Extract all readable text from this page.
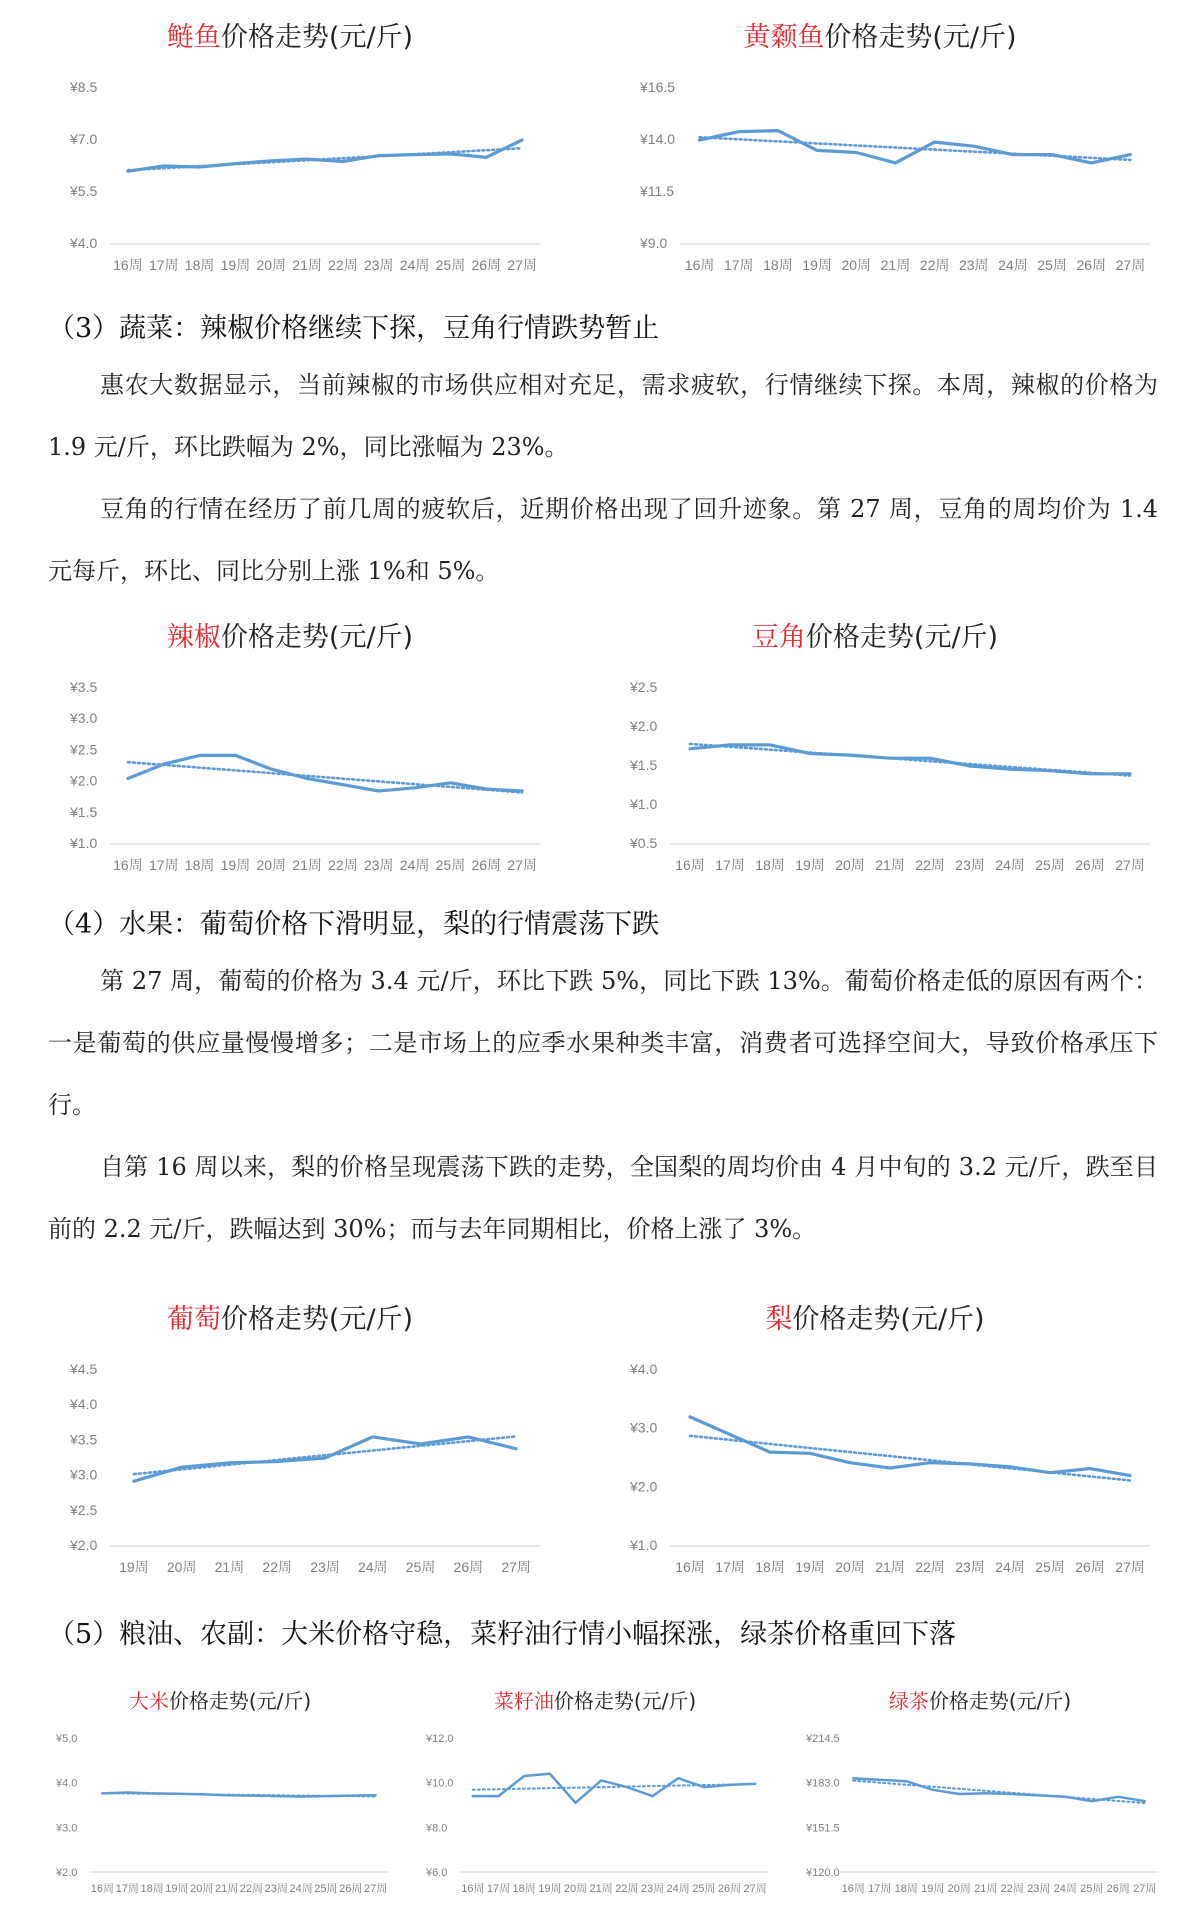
鲢鱼价格走势(元/斤)
¥4.0
¥5.5
¥7.0
¥8.5
16周 17周 18周 19周 20周 21周 22周 23周 24周 25周 26周 27周
黄颡鱼价格走势(元/斤)
¥9.0
¥11.5
¥14.0
¥16.5
16周 17周 18周 19周 20周 21周 22周 23周 24周 25周 26周 27周
（3）蔬菜：辣椒价格继续下探，豆角行情跌势暂止

惠农大数据显示，当前辣椒的市场供应相对充足，需求疲软，行情继续下探。本周，辣椒的价格为 1.9 元/斤，环比跌幅为 2%，同比涨幅为 23%。

豆角的行情在经历了前几周的疲软后，近期价格出现了回升迹象。第 27 周，豆角的周均价为 1.4 元每斤，环比、同比分别上涨 1%和 5%。

辣椒价格走势(元/斤)
¥1.0
¥1.5
¥2.0
¥2.5
¥3.0
¥3.5
16周 17周 18周 19周 20周 21周 22周 23周 24周 25周 26周 27周
豆角价格走势(元/斤)
¥0.5
¥1.0
¥1.5
¥2.0
¥2.5
16周 17周 18周 19周 20周 21周 22周 23周 24周 25周 26周 27周
（4）水果：葡萄价格下滑明显，梨的行情震荡下跌

第 27 周，葡萄的价格为 3.4 元/斤，环比下跌 5%，同比下跌 13%。葡萄价格走低的原因有两个：一是葡萄的供应量慢慢增多；二是市场上的应季水果种类丰富，消费者可选择空间大，导致价格承压下行。

自第 16 周以来，梨的价格呈现震荡下跌的走势，全国梨的周均价由 4 月中旬的 3.2 元/斤，跌至目前的 2.2 元/斤，跌幅达到 30%；而与去年同期相比，价格上涨了 3%。

葡萄价格走势(元/斤)
¥2.0
¥2.5
¥3.0
¥3.5
¥4.0
¥4.5
19周 20周 21周 22周 23周 24周 25周 26周 27周
梨价格走势(元/斤)
¥1.0
¥2.0
¥3.0
¥4.0
16周 17周 18周 19周 20周 21周 22周 23周 24周 25周 26周 27周
（5）粮油、农副：大米价格守稳，菜籽油行情小幅探涨，绿茶价格重回下落
大米价格走势(元/斤)
¥2.0
¥3.0
¥4.0
¥5.0
16周 17周 18周 19周 20周 21周 22周 23周 24周 25周 26周 27周
菜籽油价格走势(元/斤)
¥6.0
¥8.0
¥10.0
¥12.0
16周 17周 18周 19周 20周 21周 22周 23周 24周 25周 26周 27周
绿茶价格走势(元/斤)
¥120.0
¥151.5
¥183.0
¥214.5
16周 17周 18周 19周 20周 21周 22周 23周 24周 25周 26周 27周
